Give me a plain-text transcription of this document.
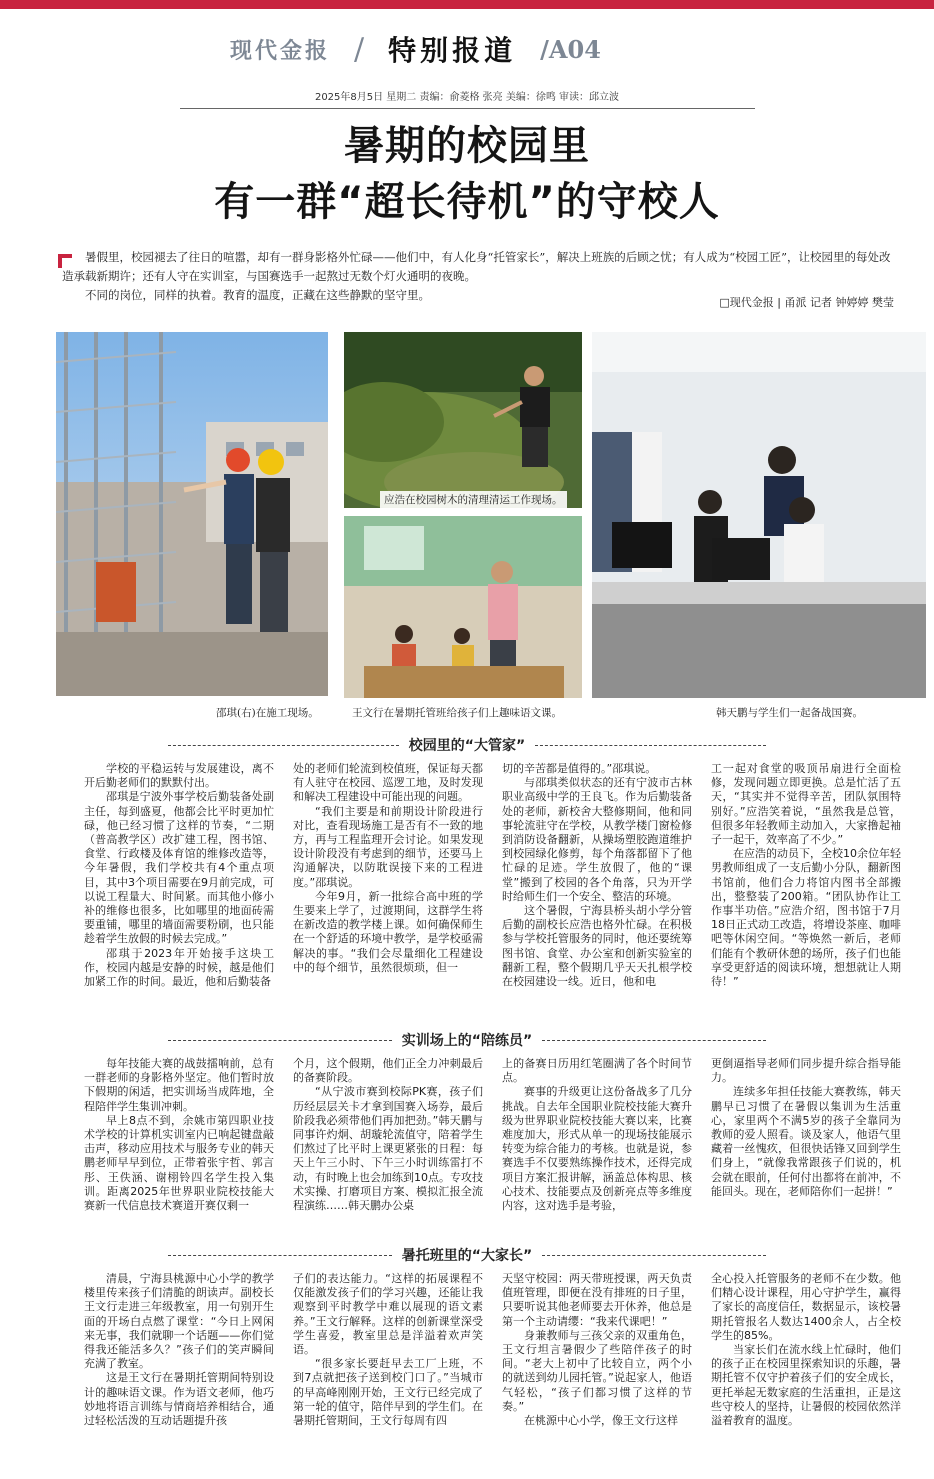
现代金报 / 特别报道 /A04
2025年8月5日 星期二 责编：俞菱格 张亮 美编：徐鸣 审读：邱立波
暑期的校园里
有一群“超长待机”的守校人

暑假里，校园褪去了往日的喧嚣，却有一群身影格外忙碌——他们中，有人化身“托管家长”，解决上班族的后顾之忧；有人成为“校园工匠”，让校园里的每处改造承载新期许；还有人守在实训室，与国赛选手一起熬过无数个灯火通明的夜晚。

不同的岗位，同样的执着。教育的温度，正藏在这些静默的坚守里。

□现代金报 | 甬派 记者 钟婷婷 樊莹
应浩在校园树木的清理清运工作现场。
邵琪(右)在施工现场。	王文行在暑期托管班给孩子们上趣味语文课。	韩天鹏与学生们一起备战国赛。
校园里的“大管家”

学校的平稳运转与发展建设，离不开后勤老师们的默默付出。

邵琪是宁波外事学校后勤装备处副主任，每到盛夏，他都会比平时更加忙碌，他已经习惯了这样的节奏，“二期（普高教学区）改扩建工程，图书馆、食堂、行政楼及体育馆的维修改造等，今年暑假，我们学校共有4个重点项目，其中3个项目需要在9月前完成，可以说工程量大、时间紧。而其他小修小补的维修也很多，比如哪里的地面砖需要重铺，哪里的墙面需要粉刷，也只能趁着学生放假的时候去完成。”

邵琪于2023年开始接手这块工作，校园内越是安静的时候，越是他们加紧工作的时间。最近，他和后勤装备

处的老师们轮流到校值班，保证每天都有人驻守在校园、巡逻工地，及时发现和解决工程建设中可能出现的问题。

“我们主要是和前期设计阶段进行对比，查看现场施工是否有不一致的地方，再与工程监理开会讨论。如果发现设计阶段没有考虑到的细节，还要马上沟通解决，以防耽误接下来的工程进度。”邵琪说。

今年9月，新一批综合高中班的学生要来上学了，过渡期间，这群学生将在新改造的教学楼上课。如何确保师生在一个舒适的环境中教学，是学校亟需解决的事。“我们会尽量细化工程建设中的每个细节，虽然很烦琐，但一

切的辛苦都是值得的。”邵琪说。

与邵琪类似状态的还有宁波市古林职业高级中学的王良飞。作为后勤装备处的老师，新校舍大整修期间，他和同事轮流驻守在学校，从教学楼门窗检修到消防设备翻新，从操场塑胶跑道维护到校园绿化修剪，每个角落都留下了他忙碌的足迹。学生放假了，他的“课堂”搬到了校园的各个角落，只为开学时给师生们一个安全、整洁的环境。

这个暑假，宁海县桥头胡小学分管后勤的副校长应浩也格外忙碌。在积极参与学校托管服务的同时，他还要统筹图书馆、食堂、办公室和创新实验室的翻新工程，整个假期几乎天天扎根学校在校园建设一线。近日，他和电

工一起对食堂的吸顶吊扇进行全面检修，发现问题立即更换。总是忙活了五天，“其实并不觉得辛苦，团队氛围特别好。”应浩笑着说，“虽然我是总管，但很多年轻教师主动加入，大家撸起袖子一起干，效率高了不少。”

在应浩的动员下，全校10余位年轻男教师组成了一支后勤小分队，翻新图书馆前，他们合力将馆内图书全部搬出，整整装了200箱。“团队协作让工作事半功倍。”应浩介绍，图书馆于7月18日正式动工改造，将增设茶座、咖啡吧等休闲空间。“等焕然一新后，老师们能有个教研休憩的场所，孩子们也能享受更舒适的阅读环境，想想就让人期待！”

实训场上的“陪练员”

每年技能大赛的战鼓擂响前，总有一群老师的身影格外坚定。他们暂时放下假期的闲适，把实训场当成阵地，全程陪伴学生集训冲刺。

早上8点不到，余姚市第四职业技术学校的计算机实训室内已响起键盘敲击声，移动应用技术与服务专业的韩天鹏老师早早到位，正带着张宇哲、郭言彤、王佚涵、谢栩铃四名学生投入集训。距离2025年世界职业院校技能大赛新一代信息技术赛道开赛仅剩一

个月，这个假期，他们正全力冲刺最后的备赛阶段。

“从宁波市赛到校际PK赛，孩子们历经层层关卡才拿到国赛入场券，最后阶段我必须带他们再加把劲。”韩天鹏与同事许灼炯、胡璇轮流值守，陪着学生们熬过了比平时上课更紧张的日程：每天上午三小时、下午三小时训练雷打不动，有时晚上也会加练到10点。专攻技术实操、打磨项目方案、模拟汇报全流程演练……韩天鹏办公桌

上的备赛日历用红笔圈满了各个时间节点。

赛事的升级更让这份备战多了几分挑战。自去年全国职业院校技能大赛升级为世界职业院校技能大赛以来，比赛难度加大，形式从单一的现场技能展示转变为综合能力的考核。也就是说，参赛选手不仅要熟练操作技术，还得完成项目方案汇报讲解，涵盖总体构思、核心技术、技能要点及创新亮点等多维度内容，这对选手是考验，

更倒逼指导老师们同步提升综合指导能力。

连续多年担任技能大赛教练，韩天鹏早已习惯了在暑假以集训为生活重心，家里两个不满5岁的孩子全靠同为教师的爱人照看。谈及家人，他语气里藏着一丝愧疚，但很快话锋又回到学生们身上，“就像我常跟孩子们说的，机会就在眼前，任何付出都将在前冲，不能回头。现在，老师陪你们一起拼！”

暑托班里的“大家长”

清晨，宁海县桃源中心小学的教学楼里传来孩子们清脆的朗读声。副校长王文行走进三年级教室，用一句别开生面的开场白点燃了课堂：“今日上网闲来无事，我们就聊一个话题——你们觉得我还能活多久？”孩子们的笑声瞬间充满了教室。

这是王文行在暑期托管期间特别设计的趣味语文课。作为语文老师，他巧妙地将语言训练与情商培养相结合，通过轻松活泼的互动话题提升孩

子们的表达能力。“这样的拓展课程不仅能激发孩子们的学习兴趣，还能让我观察到平时教学中难以展现的语文素养。”王文行解释。这样的创新课堂深受学生喜爱，教室里总是洋溢着欢声笑语。

“很多家长要赶早去工厂上班，不到7点就把孩子送到校门口了。”当城市的早高峰刚刚开始，王文行已经完成了第一轮的值守，陪伴早到的学生们。在暑期托管期间，王文行每周有四

天坚守校园：两天带班授课，两天负责值班管理，即便在没有排班的日子里，只要听说其他老师要去开休养，他总是第一个主动请缨：“我来代课吧！”

身兼教师与三孩父亲的双重角色，王文行坦言暑假少了些陪伴孩子的时间。“老大上初中了比较自立，两个小的就送到幼儿园托管。”说起家人，他语气轻松，“孩子们都习惯了这样的节奏。”

在桃源中心小学，像王文行这样

全心投入托管服务的老师不在少数。他们精心设计课程，用心守护学生，赢得了家长的高度信任，数据显示，该校暑期托管报名人数达1400余人，占全校学生的85%。

当家长们在流水线上忙碌时，他们的孩子正在校园里探索知识的乐趣，暑期托管不仅守护着孩子们的安全成长，更托举起无数家庭的生活重担，正是这些守校人的坚持，让暑假的校园依然洋溢着教育的温度。
